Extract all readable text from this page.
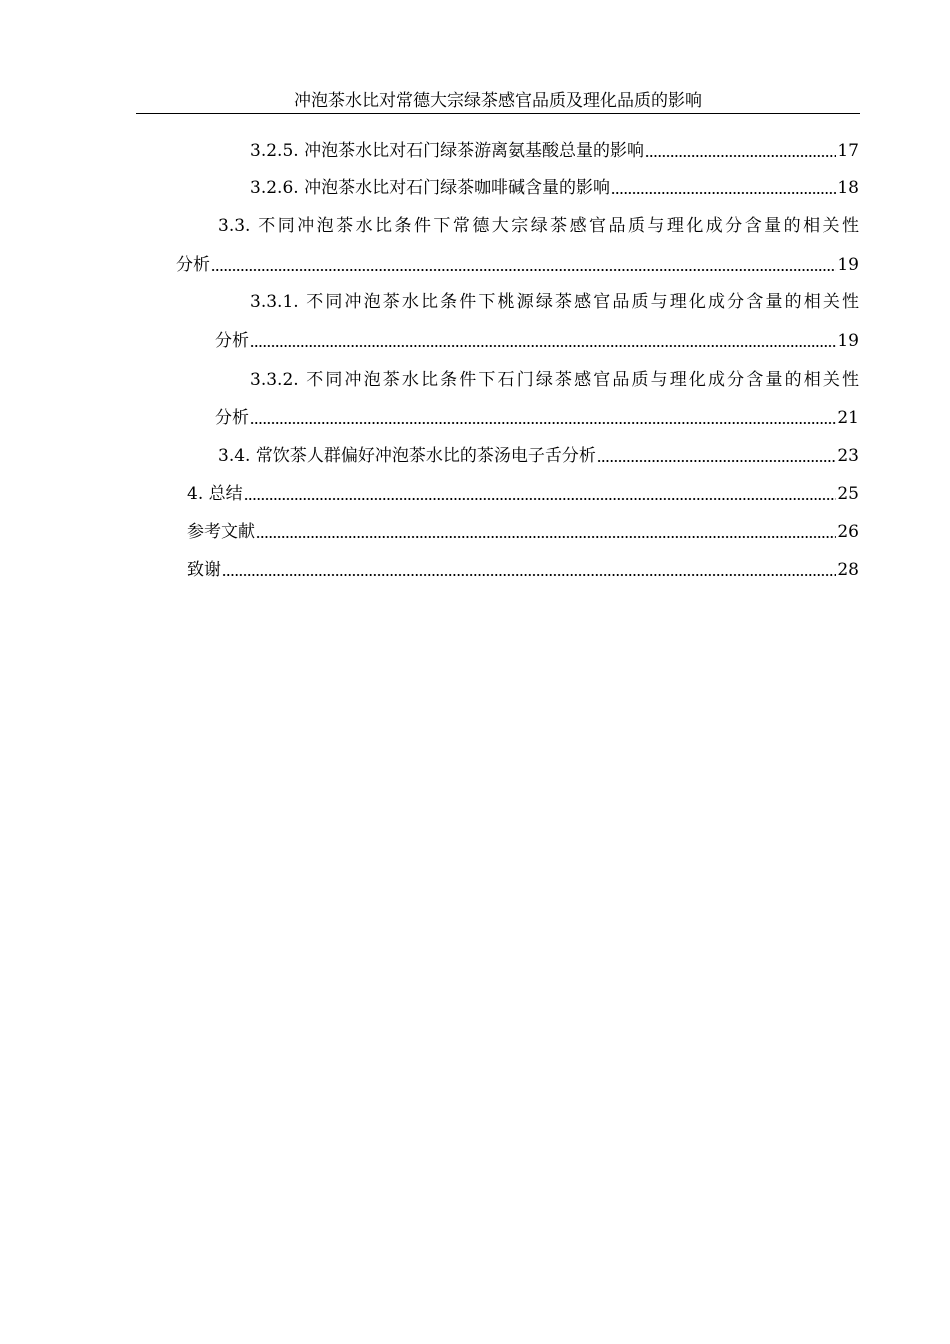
冲泡茶水比对常德大宗绿茶感官品质及理化品质的影响
3.2.5. 冲泡茶水比对石门绿茶游离氨基酸总量的影响	17
3.2.6. 冲泡茶水比对石门绿茶咖啡碱含量的影响	18
3.3. 不同冲泡茶水比条件下常德大宗绿茶感官品质与理化成分含量的相关性
分析	19
3.3.1. 不同冲泡茶水比条件下桃源绿茶感官品质与理化成分含量的相关性
分析	19
3.3.2. 不同冲泡茶水比条件下石门绿茶感官品质与理化成分含量的相关性
分析	21
3.4. 常饮茶人群偏好冲泡茶水比的茶汤电子舌分析	23
4. 总结	25
参考文献	26
致谢	28
